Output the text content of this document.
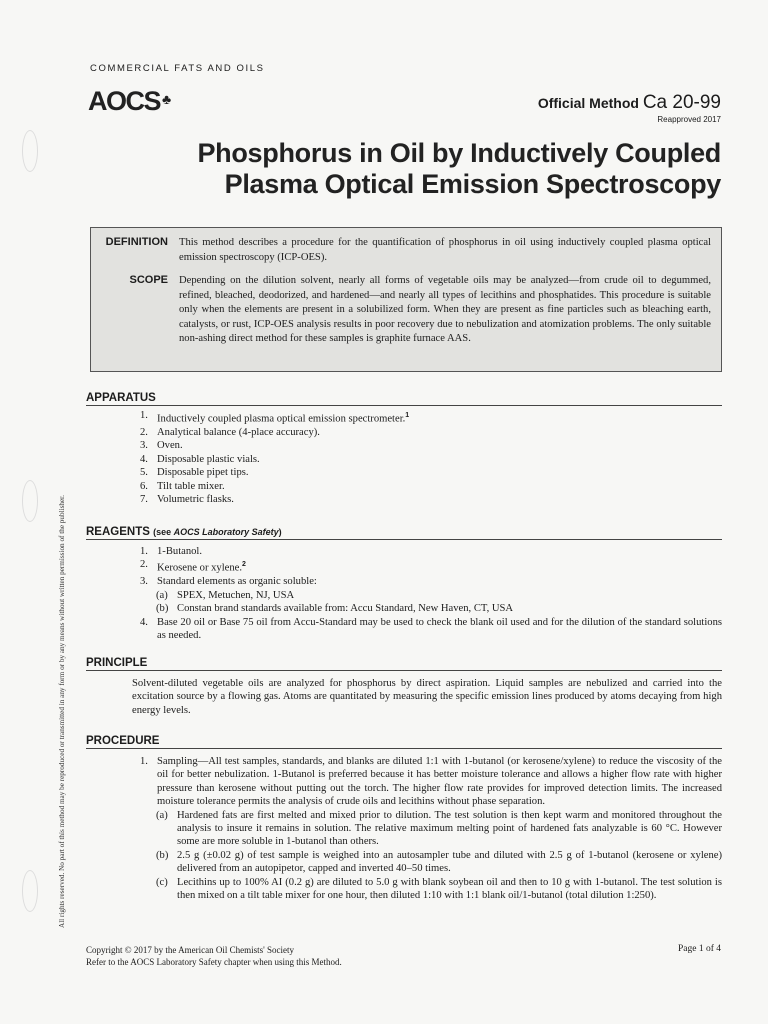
COMMERCIAL FATS AND OILS
AOCS ♣	Official Method Ca 20-99
Reapproved 2017
Phosphorus in Oil by Inductively Coupled
Plasma Optical Emission Spectroscopy
DEFINITION This method describes a procedure for the quantification of phosphorus in oil using inductively coupled plasma optical emission spectroscopy (ICP-OES).
SCOPE Depending on the dilution solvent, nearly all forms of vegetable oils may be analyzed—from crude oil to degummed, refined, bleached, deodorized, and hardened—and nearly all types of lecithins and phosphatides. This procedure is suitable only when the elements are present in a solubilized form. When they are present as fine particles such as bleaching earth, catalysts, or rust, ICP-OES analysis results in poor recovery due to nebulization and atomization problems. The only suitable non-ashing direct method for these samples is graphite furnace AAS.
APPARATUS
1. Inductively coupled plasma optical emission spectrometer.$^1$
2. Analytical balance (4-place accuracy).
3. Oven.
4. Disposable plastic vials.
5. Disposable pipet tips.
6. Tilt table mixer.
7. Volumetric flasks.
REAGENTS (see AOCS Laboratory Safety)
1. 1-Butanol.
2. Kerosene or xylene.$^2$
3. Standard elements as organic soluble:
(a) SPEX, Metuchen, NJ, USA
(b) Constan brand standards available from: Accu Standard, New Haven, CT, USA
4. Base 20 oil or Base 75 oil from Accu-Standard may be used to check the blank oil used and for the dilution of the standard solutions as needed.
PRINCIPLE
Solvent-diluted vegetable oils are analyzed for phosphorus by direct aspiration. Liquid samples are nebulized and carried into the excitation source by a flowing gas. Atoms are quantitated by measuring the specific emission lines produced by atoms decaying from high energy levels.
PROCEDURE
1. Sampling—All test samples, standards, and blanks are diluted 1:1 with 1-butanol (or kerosene/xylene) to reduce the viscosity of the oil for better nebulization. 1-Butanol is preferred because it has better moisture tolerance and allows a higher flow rate with higher pressure than kerosene without putting out the torch. The higher flow rate provides for improved detection limits. The increased moisture tolerance permits the analysis of crude oils and lecithins without phase separation.
(a) Hardened fats are first melted and mixed prior to dilution. The test solution is then kept warm and monitored throughout the analysis to insure it remains in solution. The relative maximum melting point of hardened fats analyzable is 60 °C. However some are more soluble in 1-butanol than others.
(b) 2.5 g (±0.02 g) of test sample is weighed into an autosampler tube and diluted with 2.5 g of 1-butanol (kerosene or xylene) delivered from an autopipetor, capped and inverted 40–50 times.
(c) Lecithins up to 100% AI (0.2 g) are diluted to 5.0 g with blank soybean oil and then to 10 g with 1-butanol. The test solution is then mixed on a tilt table mixer for one hour, then diluted 1:10 with 1:1 blank oil/1-butanol (total dilution 1:250).
Copyright © 2017 by the American Oil Chemists' Society
Refer to the AOCS Laboratory Safety chapter when using this Method.
Page 1 of 4
All rights reserved. No part of this method may be reproduced or transmitted in any form or by any means without written permission of the publisher.
